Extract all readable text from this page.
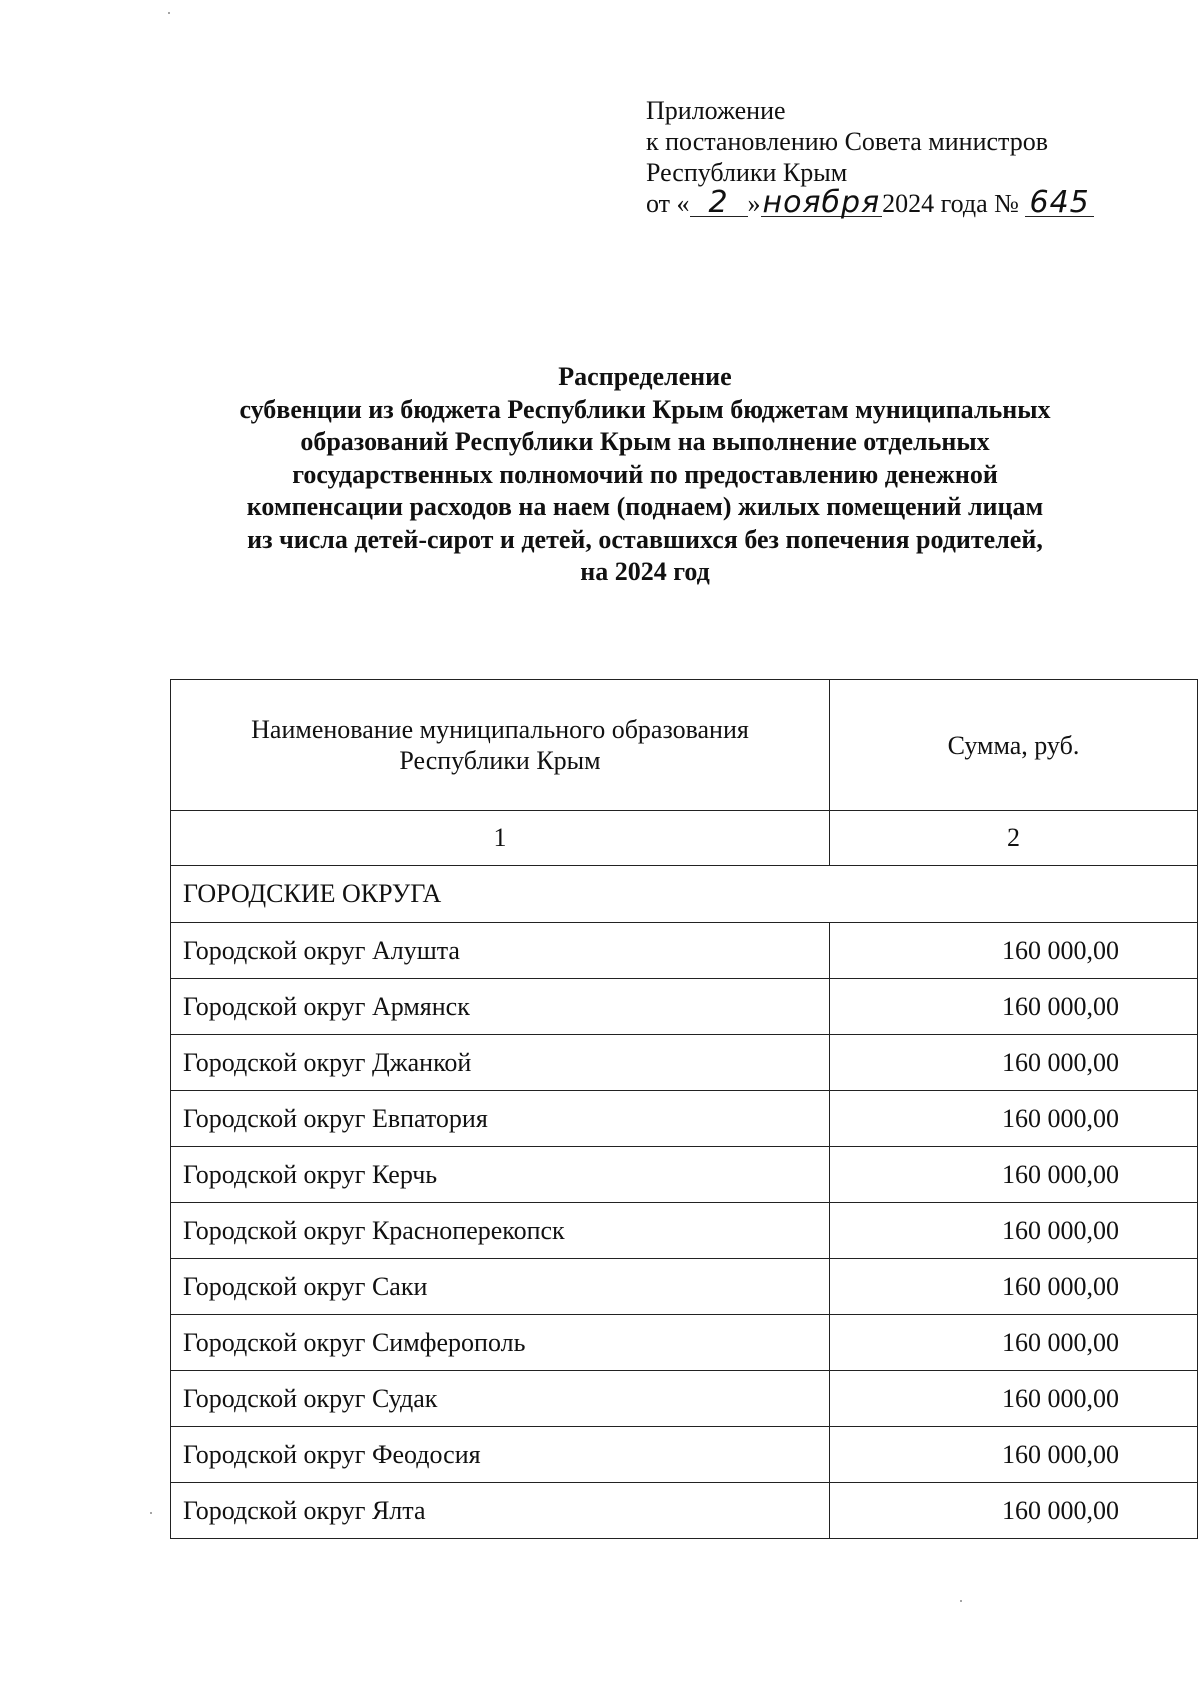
Приложение
к постановлению Совета министров
Республики Крым
от « 2 »ноября2024 года № 645
Распределение
субвенции из бюджета Республики Крым бюджетам муниципальных
образований Республики Крым на выполнение отдельных
государственных полномочий по предоставлению денежной
компенсации расходов на наем (поднаем) жилых помещений лицам
из числа детей-сирот и детей, оставшихся без попечения родителей,
на 2024 год
Наименование муниципального образования
Республики Крым	Сумма, руб.
1	2
ГОРОДСКИЕ ОКРУГА	
Городской округ Алушта	160 000,00
Городской округ Армянск	160 000,00
Городской округ Джанкой	160 000,00
Городской округ Евпатория	160 000,00
Городской округ Керчь	160 000,00
Городской округ Красноперекопск	160 000,00
Городской округ Саки	160 000,00
Городской округ Симферополь	160 000,00
Городской округ Судак	160 000,00
Городской округ Феодосия	160 000,00
Городской округ Ялта	160 000,00
